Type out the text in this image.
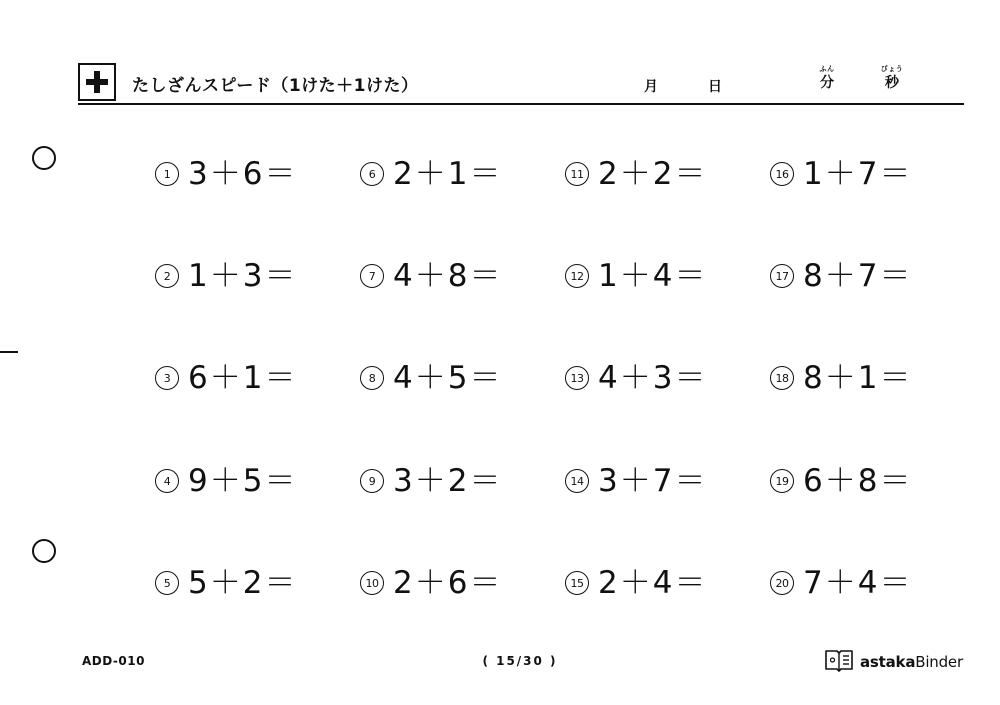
たしざんスピード（1けた＋1けた）	月	日
ふん
分
びょう
秒
1 3＋6＝
2 1＋3＝
3 6＋1＝
4 9＋5＝
5 5＋2＝
6 2＋1＝
7 4＋8＝
8 4＋5＝
9 3＋2＝
10 2＋6＝
11 2＋2＝
12 1＋4＝
13 4＋3＝
14 3＋7＝
15 2＋4＝
16 1＋7＝
17 8＋7＝
18 8＋1＝
19 6＋8＝
20 7＋4＝
ADD-010	( 15/30 )	astakaBinder
